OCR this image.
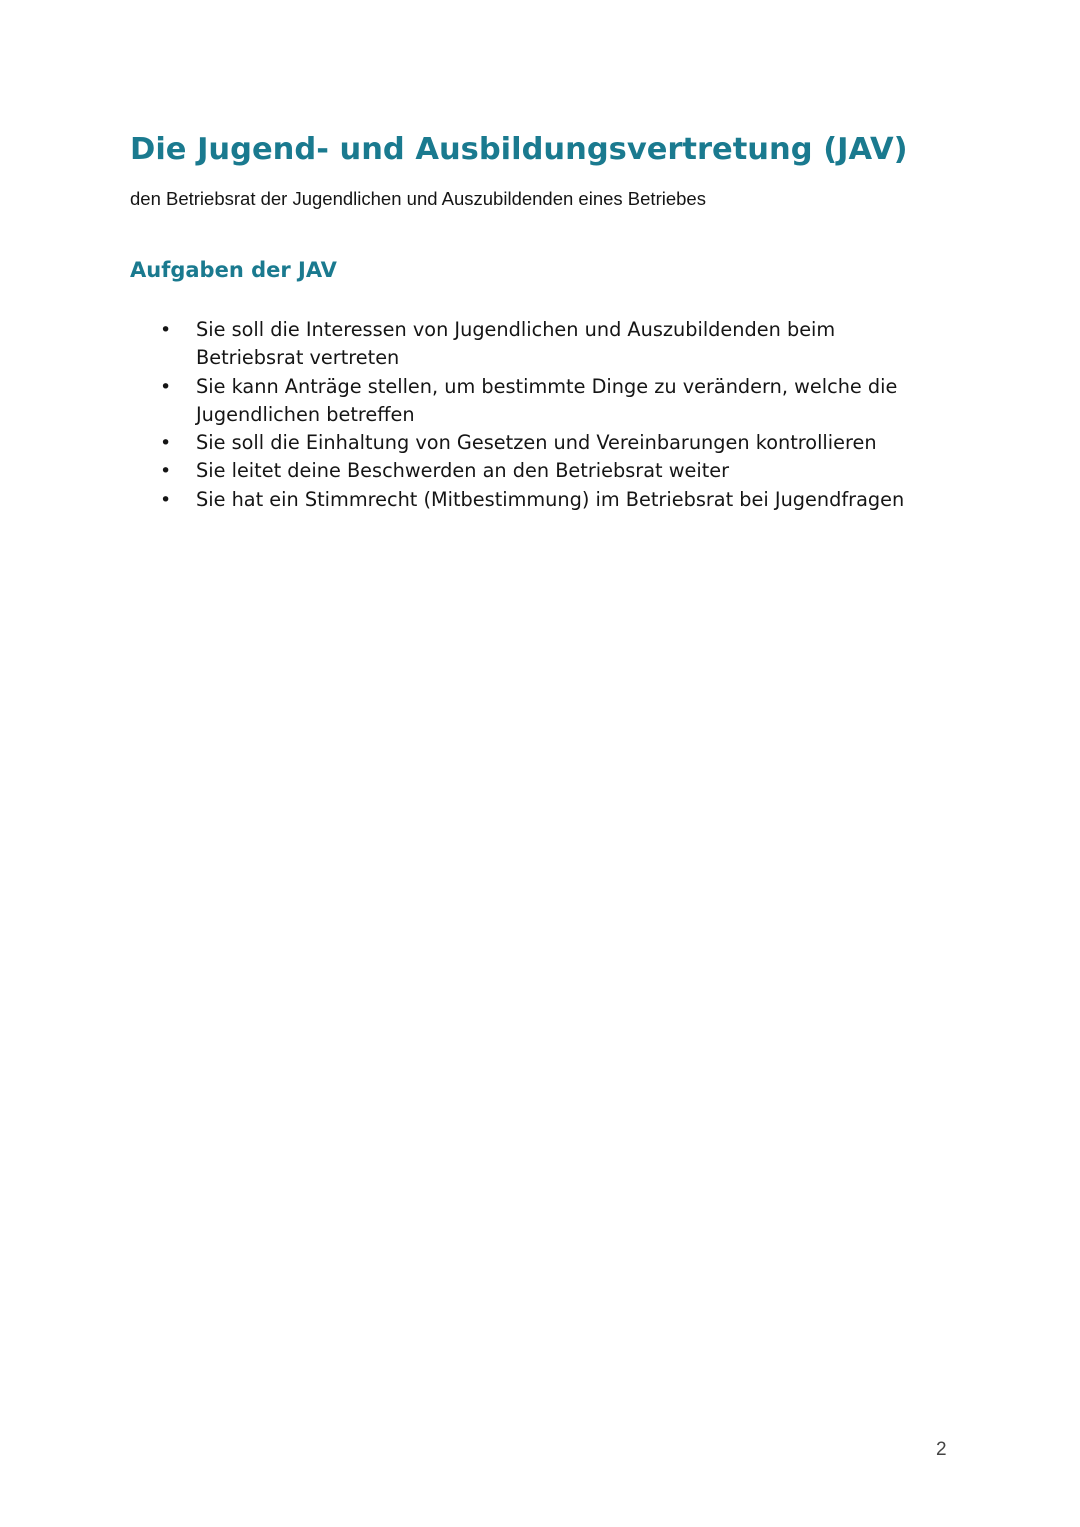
Die Jugend- und Ausbildungsvertretung (JAV)

den Betriebsrat der Jugendlichen und Auszubildenden eines Betriebes

Aufgaben der JAV
• Sie soll die Interessen von Jugendlichen und Auszubildenden beim Betriebsrat vertreten
• Sie kann Anträge stellen, um bestimmte Dinge zu verändern, welche die Jugendlichen betreffen
• Sie soll die Einhaltung von Gesetzen und Vereinbarungen kontrollieren
• Sie leitet deine Beschwerden an den Betriebsrat weiter
• Sie hat ein Stimmrecht (Mitbestimmung) im Betriebsrat bei Jugendfragen

2
